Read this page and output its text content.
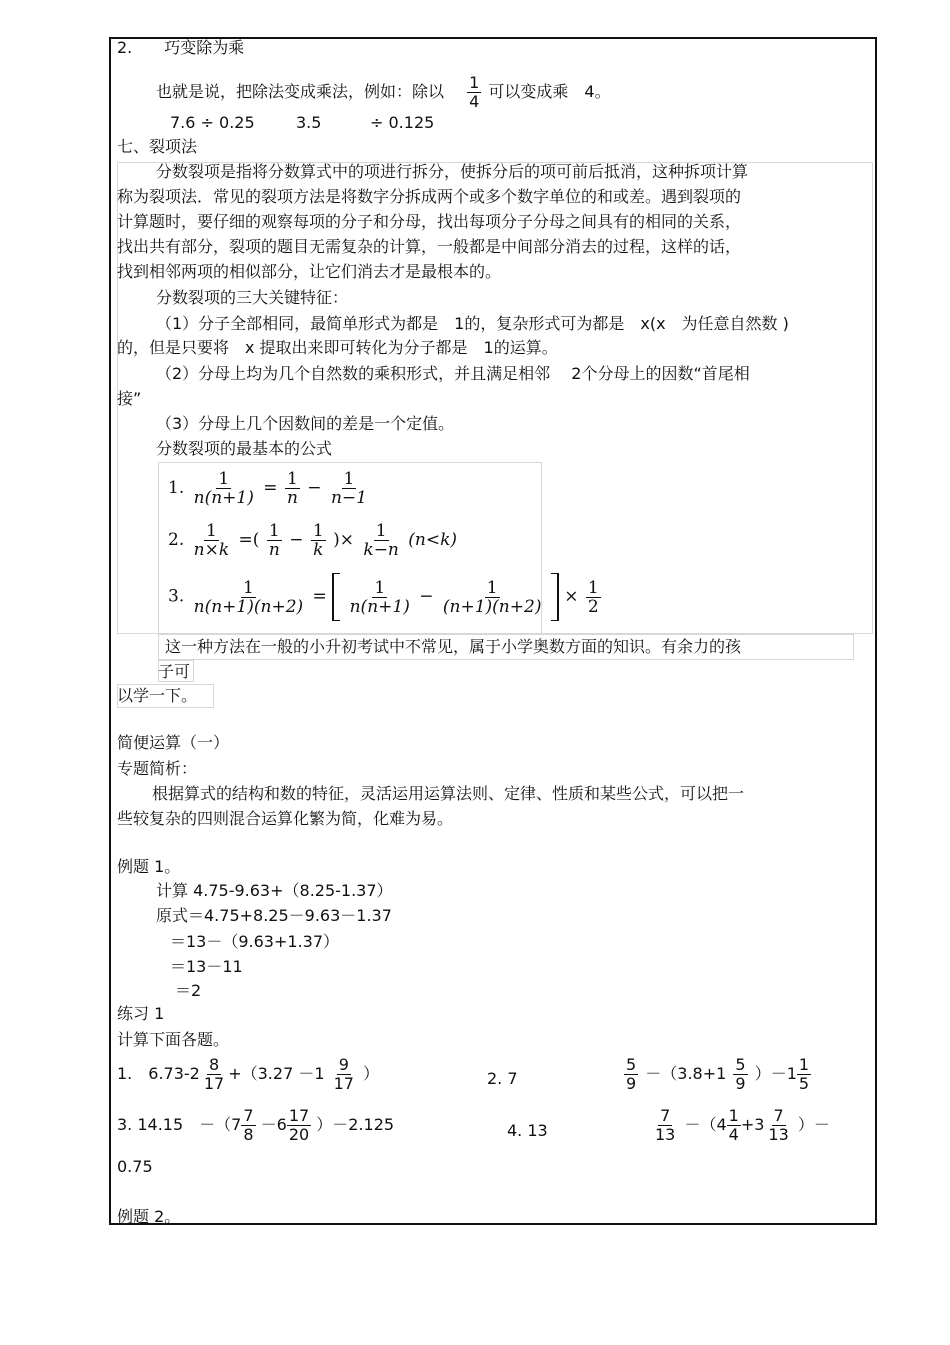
2.　　巧变除为乘
也就是说，把除法变成乘法，例如：除以 $\frac{1}{4}$ 可以变成乘　4。
7.6 ÷ 0.25	3.5	÷ 0.125
七、裂项法
分数裂项是指将分数算式中的项进行拆分，使拆分后的项可前后抵消，这种拆项计算
称为裂项法．常见的裂项方法是将数字分拆成两个或多个数字单位的和或差。遇到裂项的
计算题时，要仔细的观察每项的分子和分母，找出每项分子分母之间具有的相同的关系，
找出共有部分，裂项的题目无需复杂的计算，一般都是中间部分消去的过程，这样的话，
找到相邻两项的相似部分，让它们消去才是最根本的。
分数裂项的三大关键特征：
（1）分子全部相同，最简单形式为都是　1的，复杂形式可为都是　x(x　为任意自然数 )
的，但是只要将　x 提取出来即可转化为分子都是　1的运算。
（2）分母上均为几个自然数的乘积形式，并且满足相邻　 2个分母上的因数“首尾相
接”
（3）分母上几个因数间的差是一个定值。
分数裂项的最基本的公式
1. $\frac{1}{n(n+1)} = \frac{1}{n} - \frac{1}{n-1}$
2. $\frac{1}{n\times k}$ =( $\frac{1}{n} - \frac{1}{k}$ )× $\frac{1}{k-n} (n<k)$
3. $\frac{1}{n(n+1)(n+2)} = \frac{1}{n(n+1)} - \frac{1}{(n+1)(n+2)} \times \frac{1}{2}$
这一种方法在一般的小升初考试中不常见，属于小学奥数方面的知识。有余力的孩
子可
以学一下。
简便运算（一）
专题简析：
根据算式的结构和数的特征，灵活运用运算法则、定律、性质和某些公式，可以把一
些较复杂的四则混合运算化繁为简，化难为易。
例题 1。
计算 4.75-9.63+（8.25-1.37）
原式＝4.75+8.25－9.63－1.37
＝13－（9.63+1.37）
＝13－11
＝2
练习 1
计算下面各题。
1.　$6.73-2 \frac{8}{17} +(3.27 -1 \frac{9}{17}$ ）	2. 7	$\frac{5}{9} -(3.8+1 \frac{5}{9} )-1 \frac{1}{5}$
3. 14.15　$-(7 \frac{7}{8} -6 \frac{17}{20} )-2.125$	4. 13	$\frac{7}{13} -(4 \frac{1}{4} +3 \frac{7}{13}$ ）－
0.75
例题 2。
